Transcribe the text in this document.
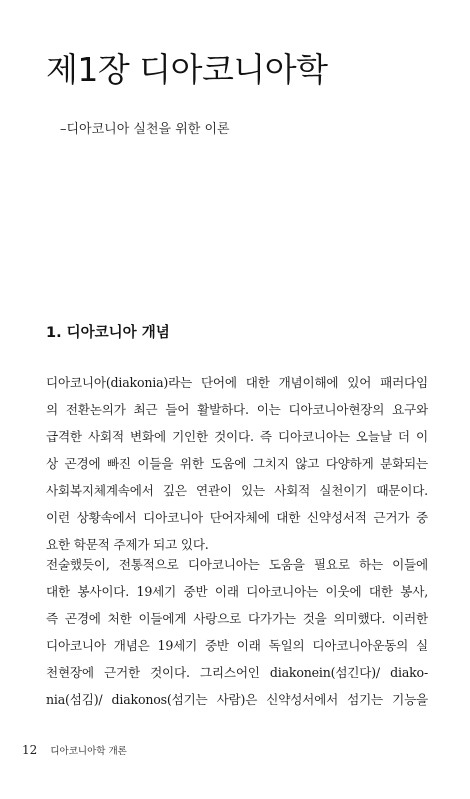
제1장 디아코니아학

–디아코니아 실천을 위한 이론

1. 디아코니아 개념
디아코니아(diakonia)라는 단어에 대한 개념이해에 있어 패러다임
의 전환논의가 최근 들어 활발하다. 이는 디아코니아현장의 요구와
급격한 사회적 변화에 기인한 것이다. 즉 디아코니아는 오늘날 더 이
상 곤경에 빠진 이들을 위한 도움에 그치지 않고 다양하게 분화되는
사회복지체계속에서 깊은 연관이 있는 사회적 실천이기 때문이다.
이런 상황속에서 디아코니아 단어자체에 대한 신약성서적 근거가 중
요한 학문적 주제가 되고 있다.
전술했듯이, 전통적으로 디아코니아는 도움을 필요로 하는 이들에
대한 봉사이다. 19세기 중반 이래 디아코니아는 이웃에 대한 봉사,
즉 곤경에 처한 이들에게 사랑으로 다가가는 것을 의미했다. 이러한
디아코니아 개념은 19세기 중반 이래 독일의 디아코니아운동의 실
천현장에 근거한 것이다. 그리스어인 diakonein(섬긴다)/ diako-
nia(섬김)/ diakonos(섬기는 사람)은 신약성서에서 섬기는 기능을
12 디아코니아학 개론
